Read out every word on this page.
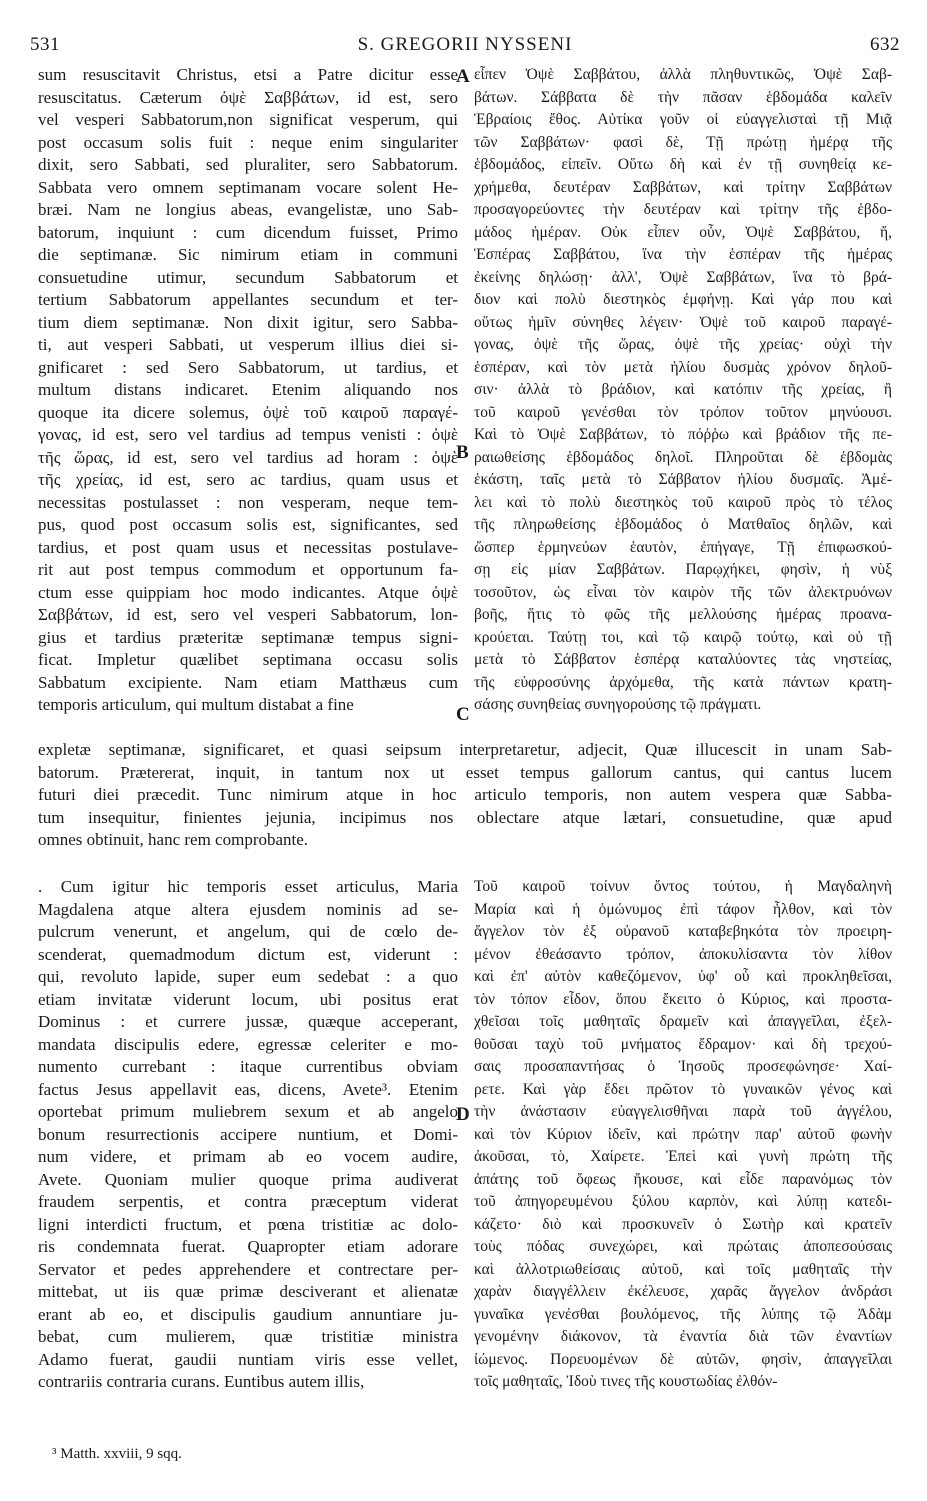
531	S. GREGORII NYSSENI	632
sum resuscitavit Christus, etsi a Patre dicitur esse
resuscitatus. Cæterum ὀψὲ Σαββάτων, id est, sero
vel vesperi Sabbatorum,non significat vesperum, qui
post occasum solis fuit : neque enim singulariter
dixit, sero Sabbati, sed pluraliter, sero Sabbatorum.
Sabbata vero omnem septimanam vocare solent He-
bræi. Nam ne longius abeas, evangelistæ, uno Sab-
batorum, inquiunt : cum dicendum fuisset, Primo
die septimanæ. Sic nimirum etiam in communi
consuetudine utimur, secundum Sabbatorum et
tertium Sabbatorum appellantes secundum et ter-
tium diem septimanæ. Non dixit igitur, sero Sabba-
ti, aut vesperi Sabbati, ut vesperum illius diei si-
gnificaret : sed Sero Sabbatorum, ut tardius, et
multum distans indicaret. Etenim aliquando nos
quoque ita dicere solemus, ὀψὲ τοῦ καιροῦ παραγέ-
γονας, id est, sero vel tardius ad tempus venisti : ὀψὲ
τῆς ὥρας, id est, sero vel tardius ad horam : ὀψὲ
τῆς χρείας, id est, sero ac tardius, quam usus et
necessitas postulasset : non vesperam, neque tem-
pus, quod post occasum solis est, significantes, sed
tardius, et post quam usus et necessitas postulave-
rit aut post tempus commodum et opportunum fa-
ctum esse quippiam hoc modo indicantes. Atque ὀψὲ
Σαββάτων, id est, sero vel vesperi Sabbatorum, lon-
gius et tardius præteritæ septimanæ tempus signi-
ficat. Impletur quælibet septimana occasu solis
Sabbatum excipiente. Nam etiam Matthæus cum
temporis articulum, qui multum distabat a fine
εἶπεν Ὀψὲ Σαββάτου, ἀλλὰ πληθυντικῶς, Ὀψὲ Σαβ-
βάτων. Σάββατα δὲ τὴν πᾶσαν ἑβδομάδα καλεῖν
Ἑβραίοις ἔθος. Αὐτίκα γοῦν οἱ εὐαγγελισταὶ τῇ Μιᾷ
τῶν Σαββάτων· φασὶ δὲ, Τῇ πρώτῃ ἡμέρᾳ τῆς
ἑβδομάδος, εἰπεῖν. Οὕτω δὴ καὶ ἐν τῇ συνηθείᾳ κε-
χρήμεθα, δευτέραν Σαββάτων, καὶ τρίτην Σαββάτων
προσαγορεύοντες τὴν δευτέραν καὶ τρίτην τῆς ἑβδο-
μάδος ἡμέραν. Οὐκ εἶπεν οὖν, Ὀψὲ Σαββάτου, ἤ,
Ἑσπέρας Σαββάτου, ἵνα τὴν ἑσπέραν τῆς ἡμέρας
ἐκείνης δηλώσῃ· ἀλλ', Ὀψὲ Σαββάτων, ἵνα τὸ βρά-
διον καὶ πολὺ διεστηκὸς ἐμφήνῃ. Καὶ γάρ που καὶ
οὕτως ἡμῖν σύνηθες λέγειν· Ὀψὲ τοῦ καιροῦ παραγέ-
γονας, ὀψὲ τῆς ὥρας, ὀψὲ τῆς χρείας· οὐχὶ τὴν
ἑσπέραν, καὶ τὸν μετὰ ἡλίου δυσμὰς χρόνον δηλοῦ-
σιν· ἀλλὰ τὸ βράδιον, καὶ κατόπιν τῆς χρείας, ἢ
τοῦ καιροῦ γενέσθαι τὸν τρόπον τοῦτον μηνύουσι.
Καὶ τὸ Ὀψὲ Σαββάτων, τὸ πόῤῥω καὶ βράδιον τῆς πε-
ραιωθείσης ἑβδομάδος δηλοῖ. Πληροῦται δὲ ἑβδομὰς
ἑκάστη, ταῖς μετὰ τὸ Σάββατον ἡλίου δυσμαῖς. Ἀμέ-
λει καὶ τὸ πολὺ διεστηκὸς τοῦ καιροῦ πρὸς τὸ τέλος
τῆς πληρωθείσης ἑβδομάδος ὁ Ματθαῖος δηλῶν, καὶ
ὥσπερ ἑρμηνεύων ἑαυτὸν, ἐπήγαγε, Τῇ ἐπιφωσκού-
σῃ εἰς μίαν Σαββάτων. Παρῳχήκει, φησὶν, ἡ νὺξ
τοσοῦτον, ὡς εἶναι τὸν καιρὸν τῆς τῶν ἀλεκτρυόνων
βοῆς, ἥτις τὸ φῶς τῆς μελλούσης ἡμέρας προανα-
κρούεται. Ταύτῃ τοι, καὶ τῷ καιρῷ τούτῳ, καὶ οὐ τῇ
μετὰ τὸ Σάββατον ἑσπέρᾳ καταλύοντες τὰς νηστείας,
τῆς εὐφροσύνης ἀρχόμεθα, τῆς κατὰ πάντων κρατη-
σάσης συνηθείας συνηγορούσης τῷ πράγματι.
expletæ septimanæ, significaret, et quasi seipsum interpretaretur, adjecit, Quæ illucescit in unam Sab-
batorum. Prætererat, inquit, in tantum nox ut esset tempus gallorum cantus, qui cantus lucem
futuri diei præcedit. Tunc nimirum atque in hoc articulo temporis, non autem vespera quæ Sabba-
tum insequitur, finientes jejunia, incipimus nos oblectare atque lætari, consuetudine, quæ apud
omnes obtinuit, hanc rem comprobante.
. Cum igitur hic temporis esset articulus, Maria
Magdalena atque altera ejusdem nominis ad se-
pulcrum venerunt, et angelum, qui de cœlo de-
scenderat, quemadmodum dictum est, viderunt :
qui, revoluto lapide, super eum sedebat : a quo
etiam invitatæ viderunt locum, ubi positus erat
Dominus : et currere jussæ, quæque acceperant,
mandata discipulis edere, egressæ celeriter e mo-
numento currebant : itaque currentibus obviam
factus Jesus appellavit eas, dicens, Avete³. Etenim
oportebat primum muliebrem sexum et ab angelo
bonum resurrectionis accipere nuntium, et Domi-
num videre, et primam ab eo vocem audire,
Avete. Quoniam mulier quoque prima audiverat
fraudem serpentis, et contra præceptum viderat
ligni interdicti fructum, et pœna tristitiæ ac dolo-
ris condemnata fuerat. Quapropter etiam adorare
Servator et pedes apprehendere et contrectare per-
mittebat, ut iis quæ primæ desciverant et alienatæ
erant ab eo, et discipulis gaudium annuntiare ju-
bebat, cum mulierem, quæ tristitiæ ministra
Adamo fuerat, gaudii nuntiam viris esse vellet,
contrariis contraria curans. Euntibus autem illis,
Τοῦ καιροῦ τοίνυν ὄντος τούτου, ἡ Μαγδαληνὴ
Μαρία καὶ ἡ ὁμώνυμος ἐπὶ τάφον ἦλθον, καὶ τὸν
ἄγγελον τὸν ἐξ οὐρανοῦ καταβεβηκότα τὸν προειρη-
μένον ἐθεάσαντο τρόπον, ἀποκυλίσαντα τὸν λίθον
καὶ ἐπ' αὐτὸν καθεζόμενον, ὑφ' οὗ καὶ προκληθεῖσαι,
τὸν τόπον εἶδον, ὅπου ἔκειτο ὁ Κύριος, καὶ προστα-
χθεῖσαι τοῖς μαθηταῖς δραμεῖν καὶ ἀπαγγεῖλαι, ἐξελ-
θοῦσαι ταχὺ τοῦ μνήματος ἔδραμον· καὶ δὴ τρεχού-
σαις προσαπαντήσας ὁ Ἰησοῦς προσεφώνησε· Χαί-
ρετε. Καὶ γὰρ ἔδει πρῶτον τὸ γυναικῶν γένος καὶ
τὴν ἀνάστασιν εὐαγγελισθῆναι παρὰ τοῦ ἀγγέλου,
καὶ τὸν Κύριον ἰδεῖν, καὶ πρώτην παρ' αὐτοῦ φωνὴν
ἀκοῦσαι, τὸ, Χαίρετε. Ἐπεὶ καὶ γυνὴ πρώτη τῆς
ἀπάτης τοῦ ὄφεως ἤκουσε, καὶ εἶδε παρανόμως τὸν
τοῦ ἀπηγορευμένου ξύλου καρπὸν, καὶ λύπῃ κατεδι-
κάζετο· διὸ καὶ προσκυνεῖν ὁ Σωτὴρ καὶ κρατεῖν
τοὺς πόδας συνεχώρει, καὶ πρώταις ἀποπεσούσαις
καὶ ἀλλοτριωθείσαις αὐτοῦ, καὶ τοῖς μαθηταῖς τὴν
χαρὰν διαγγέλλειν ἐκέλευσε, χαρᾶς ἄγγελον ἀνδράσι
γυναῖκα γενέσθαι βουλόμενος, τῆς λύπης τῷ Ἀδὰμ
γενομένην διάκονον, τὰ ἐναντία διὰ τῶν ἐναντίων
ἰώμενος. Πορευομένων δὲ αὐτῶν, φησὶν, ἀπαγγεῖλαι
τοῖς μαθηταῖς, Ἰδοὺ τινες τῆς κουστωδίας ἐλθόν-
A
B
C
D
³ Matth. xxviii, 9 sqq.
